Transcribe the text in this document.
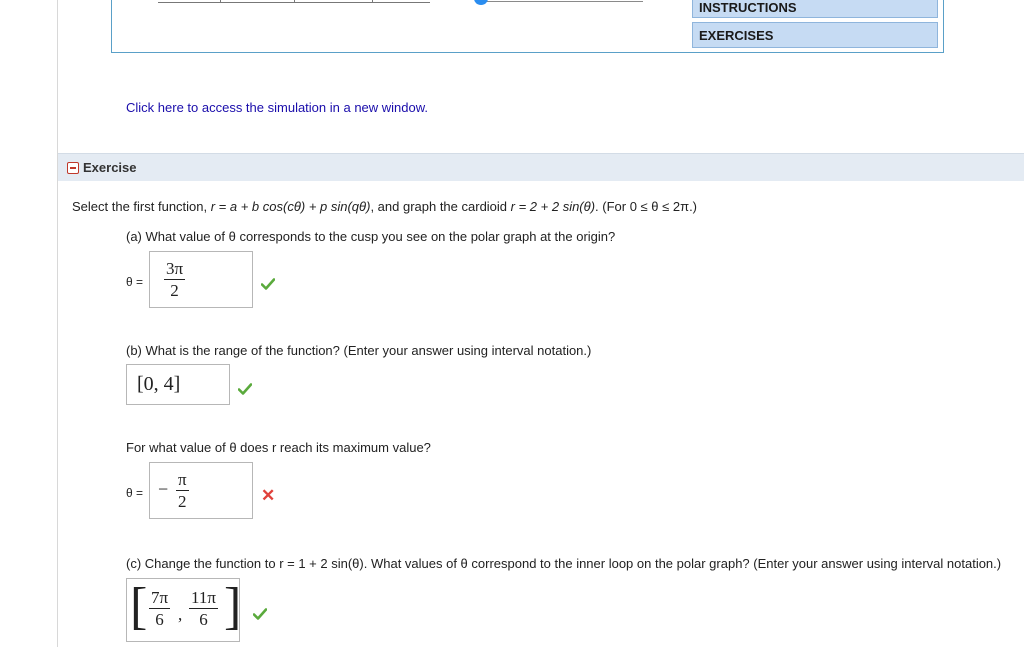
INSTRUCTIONS
EXERCISES
Click here to access the simulation in a new window.
Exercise
Select the first function, r = a + b cos(cθ) + p sin(qθ), and graph the cardioid r = 2 + 2 sin(θ). (For 0 ≤ θ ≤ 2π.)
(a) What value of θ corresponds to the cusp you see on the polar graph at the origin?
θ =
3π
2
(b) What is the range of the function? (Enter your answer using interval notation.)
[0, 4]
For what value of θ does r reach its maximum value?
θ = − π
2	✕
(c) Change the function to r = 1 + 2 sin(θ). What values of θ correspond to the inner loop on the polar graph? (Enter your answer using interval notation.)
[ 7π
6 ,
11π
6 ]
